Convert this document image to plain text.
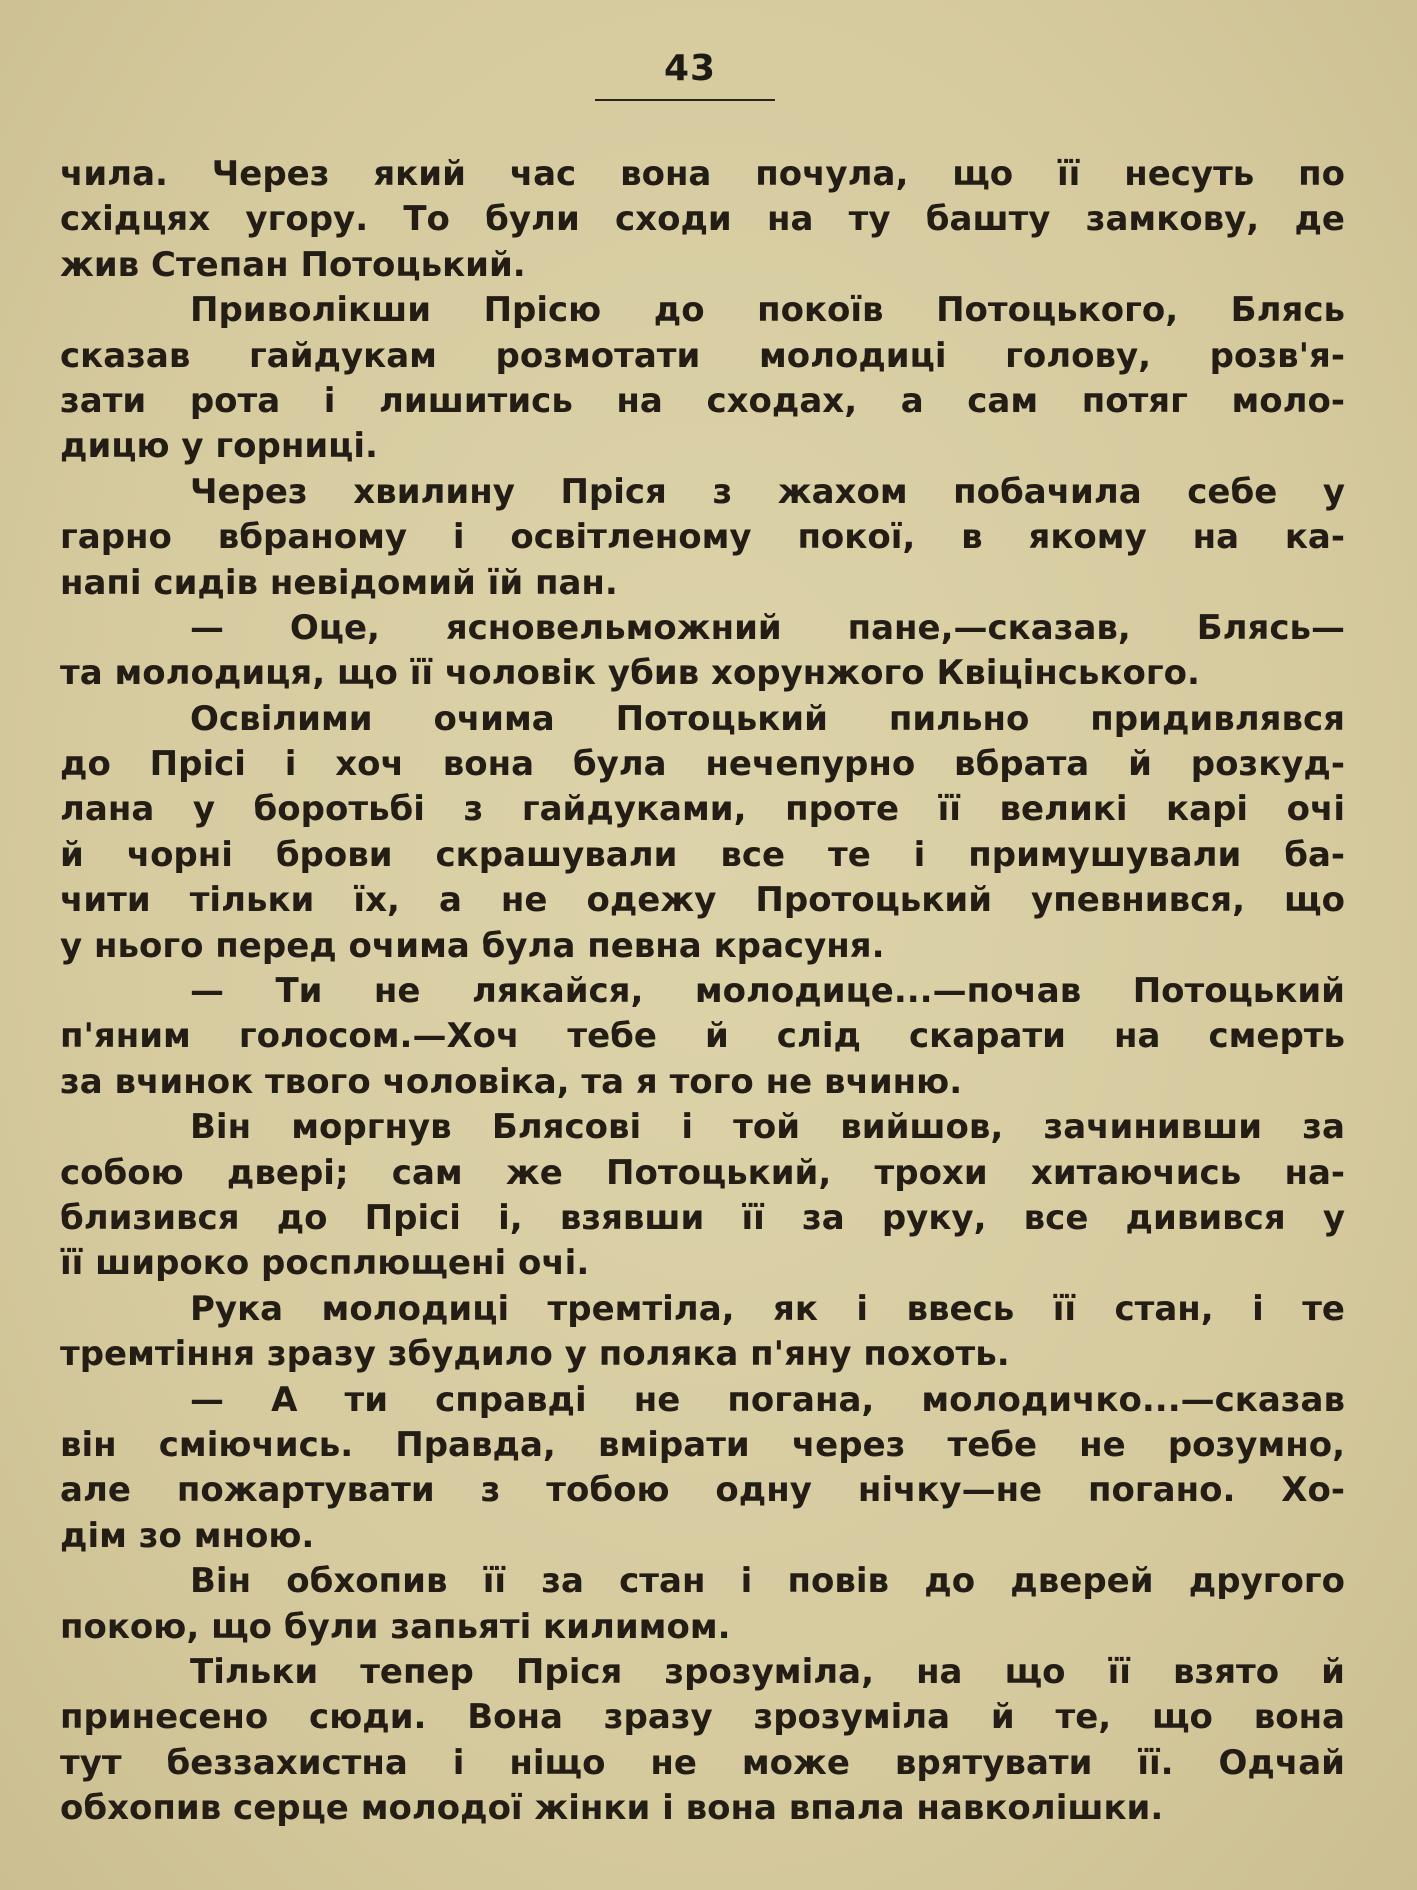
43
чила. Через який час вона почула, що її несуть по
східцях угору. То були сходи на ту башту замкову, де
жив Степан Потоцький.
Приволікши Прісю до покоїв Потоцького, Блясь
сказав гайдукам розмотати молодиці голову, розв'я-
зати рота і лишитись на сходах, а сам потяг моло-
дицю у горниці.
Через хвилину Пріся з жахом побачила себе у
гарно вбраному і освітленому покої, в якому на ка-
напі сидів невідомий їй пан.
— Оце, ясновельможний пане,—сказав, Блясь—
та молодиця, що її чоловік убив хорунжого Квіцінського.
Освілими очима Потоцький пильно придивлявся
до Прісі і хоч вона була нечепурно вбрата й розкуд-
лана у боротьбі з гайдуками, проте її великі карі очі
й чорні брови скрашували все те і примушували ба-
чити тільки їх, а не одежу Протоцький упевнився, що
у нього перед очима була певна красуня.
— Ти не лякайся, молодице...—почав Потоцький
п'яним голосом.—Хоч тебе й слід скарати на смерть
за вчинок твого чоловіка, та я того не вчиню.
Він моргнув Блясові і той вийшов, зачинивши за
собою двері; сам же Потоцький, трохи хитаючись на-
близився до Прісі і, взявши її за руку, все дивився у
її широко росплющені очі.
Рука молодиці тремтіла, як і ввесь її стан, і те
тремтіння зразу збудило у поляка п'яну похоть.
— А ти справді не погана, молодичко...—сказав
він сміючись. Правда, вмірати через тебе не розумно,
але пожартувати з тобою одну нічку—не погано. Хо-
дім зо мною.
Він обхопив її за стан і повів до дверей другого
покою, що були запьяті килимом.
Тільки тепер Пріся зрозуміла, на що її взято й
принесено сюди. Вона зразу зрозуміла й те, що вона
тут беззахистна і ніщо не може врятувати її. Одчай
обхопив серце молодої жінки і вона впала навколішки.
